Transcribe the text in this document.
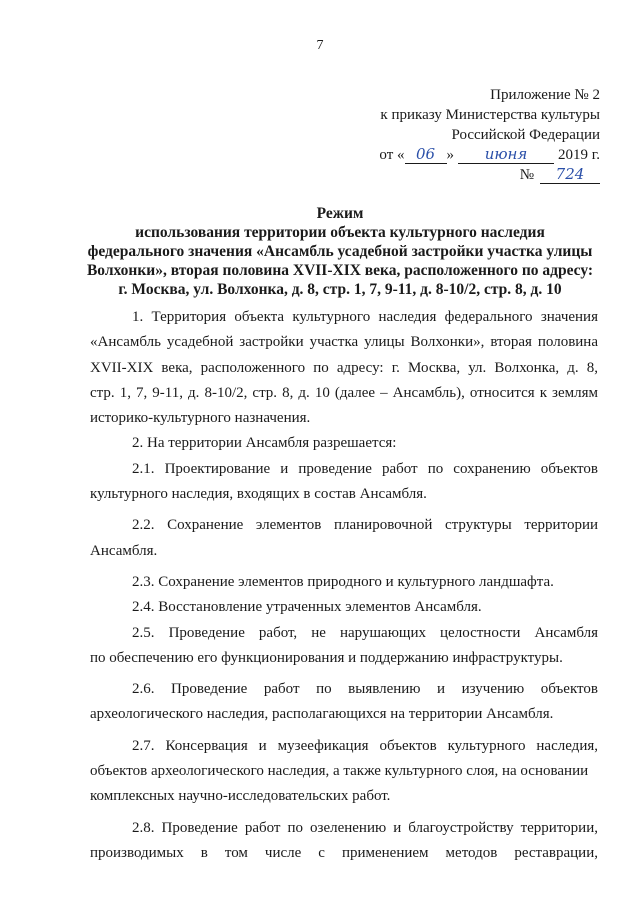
7
Приложение № 2
к приказу Министерства культуры
Российской Федерации
от « 06 » июня 2019 г.
№ 724
Режим
использования территории объекта культурного наследия
федерального значения «Ансамбль усадебной застройки участка улицы
Волхонки», вторая половина XVII-XIX века, расположенного по адресу:
г. Москва, ул. Волхонка, д. 8, стр. 1, 7, 9-11, д. 8-10/2, стр. 8, д. 10
1. Территория объекта культурного наследия федерального значения
«Ансамбль усадебной застройки участка улицы Волхонки», вторая половина
XVII-XIX века, расположенного по адресу: г. Москва, ул. Волхонка, д. 8,
стр. 1, 7, 9-11, д. 8-10/2, стр. 8, д. 10 (далее – Ансамбль), относится к землям
историко-культурного назначения.
2. На территории Ансамбля разрешается:
2.1. Проектирование и проведение работ по сохранению объектов
культурного наследия, входящих в состав Ансамбля.
2.2. Сохранение элементов планировочной структуры территории
Ансамбля.
2.3. Сохранение элементов природного и культурного ландшафта.
2.4. Восстановление утраченных элементов Ансамбля.
2.5. Проведение работ, не нарушающих целостности Ансамбля
по обеспечению его функционирования и поддержанию инфраструктуры.
2.6. Проведение работ по выявлению и изучению объектов
археологического наследия, располагающихся на территории Ансамбля.
2.7. Консервация и музеефикация объектов культурного наследия,
объектов археологического наследия, а также культурного слоя, на основании
комплексных научно-исследовательских работ.
2.8. Проведение работ по озеленению и благоустройству территории,
производимых в том числе с применением методов реставрации,
